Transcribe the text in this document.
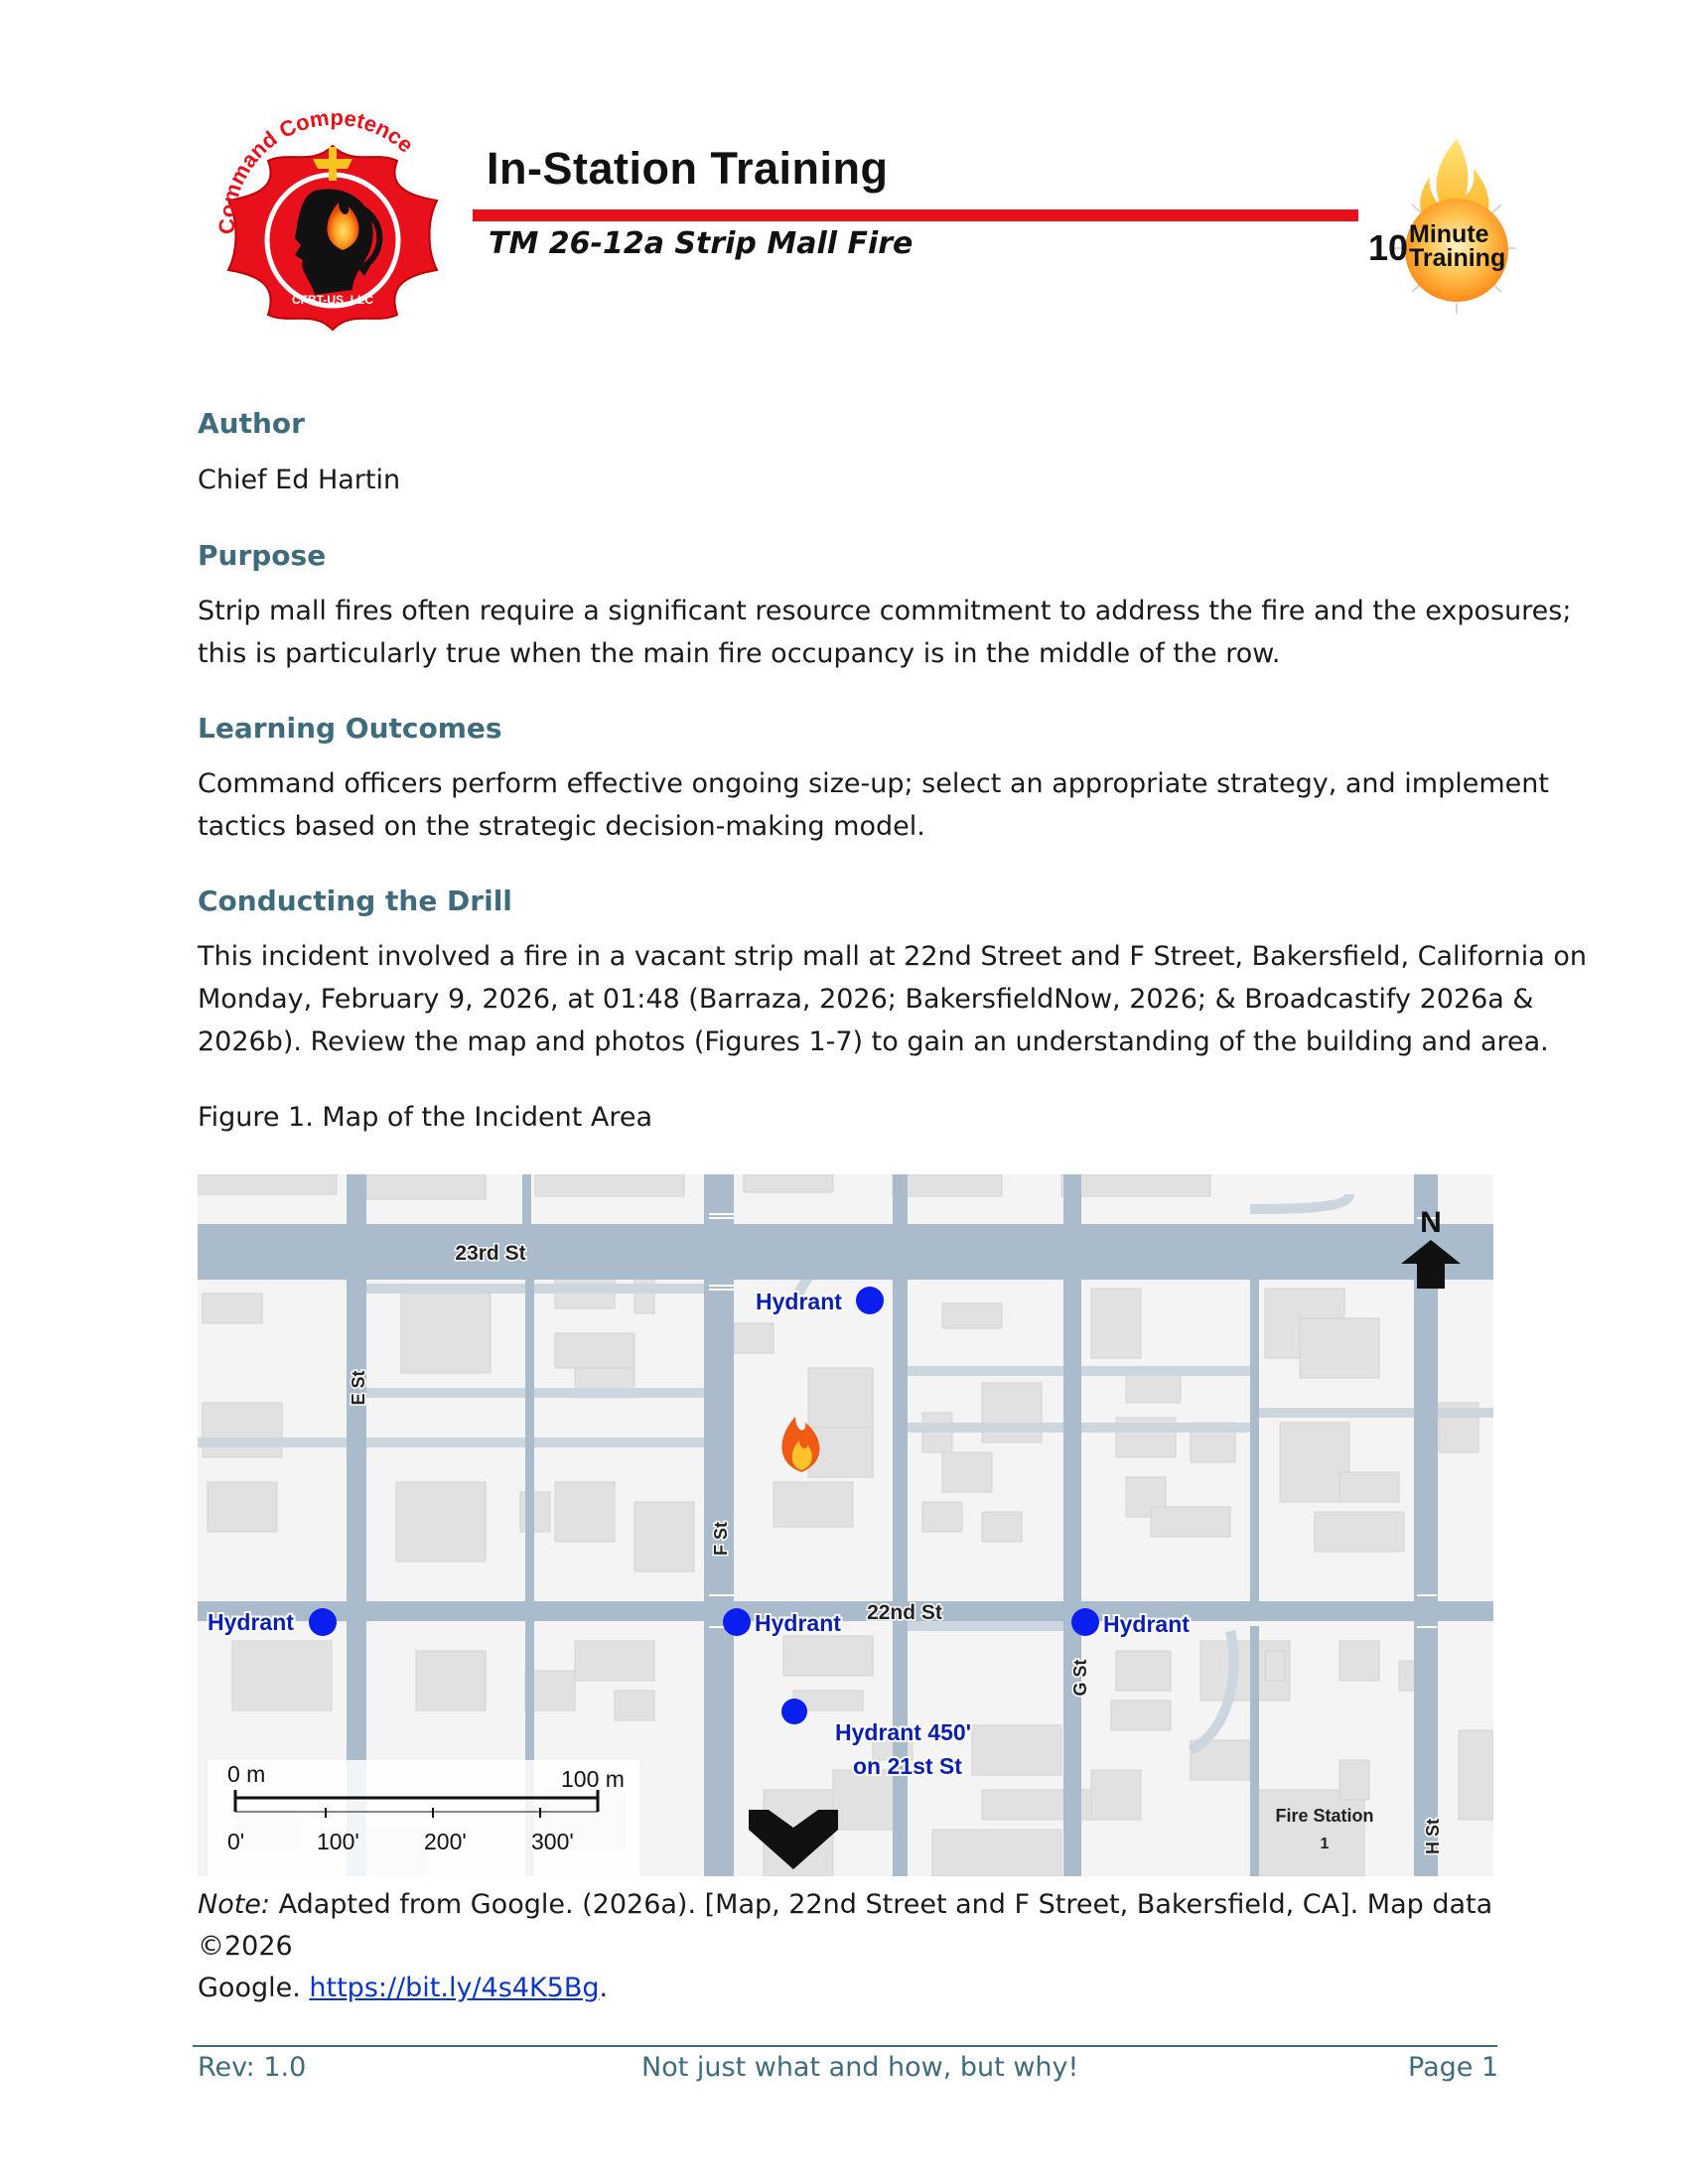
Command Competence
CFBT-US, LLC
In-Station Training
TM 26-12a Strip Mall Fire	10 Minute
Training
Author
Chief Ed Hartin
Purpose
Strip mall fires often require a significant resource commitment to address the fire and the exposures;
this is particularly true when the main fire occupancy is in the middle of the row.
Learning Outcomes
Command officers perform effective ongoing size-up; select an appropriate strategy, and implement
tactics based on the strategic decision-making model.
Conducting the Drill
This incident involved a fire in a vacant strip mall at 22nd Street and F Street, Bakersfield, California on
Monday, February 9, 2026, at 01:48 (Barraza, 2026; BakersfieldNow, 2026; & Broadcastify 2026a &
2026b). Review the map and photos (Figures 1-7) to gain an understanding of the building and area.
Figure 1. Map of the Incident Area
23rd St
22nd St
E St
F St
G St
H St
N
Hydrant
Hydrant	Hydrant	Hydrant
Hydrant 450'
on 21st St
Fire Station
1
0 m	100 m
0'	100'	200'	300'
Note: Adapted from Google. (2026a). [Map, 22nd Street and F Street, Bakersfield, CA]. Map data ©2026
Google. https://bit.ly/4s4K5Bg.
Rev: 1.0	Not just what and how, but why!	Page 1
